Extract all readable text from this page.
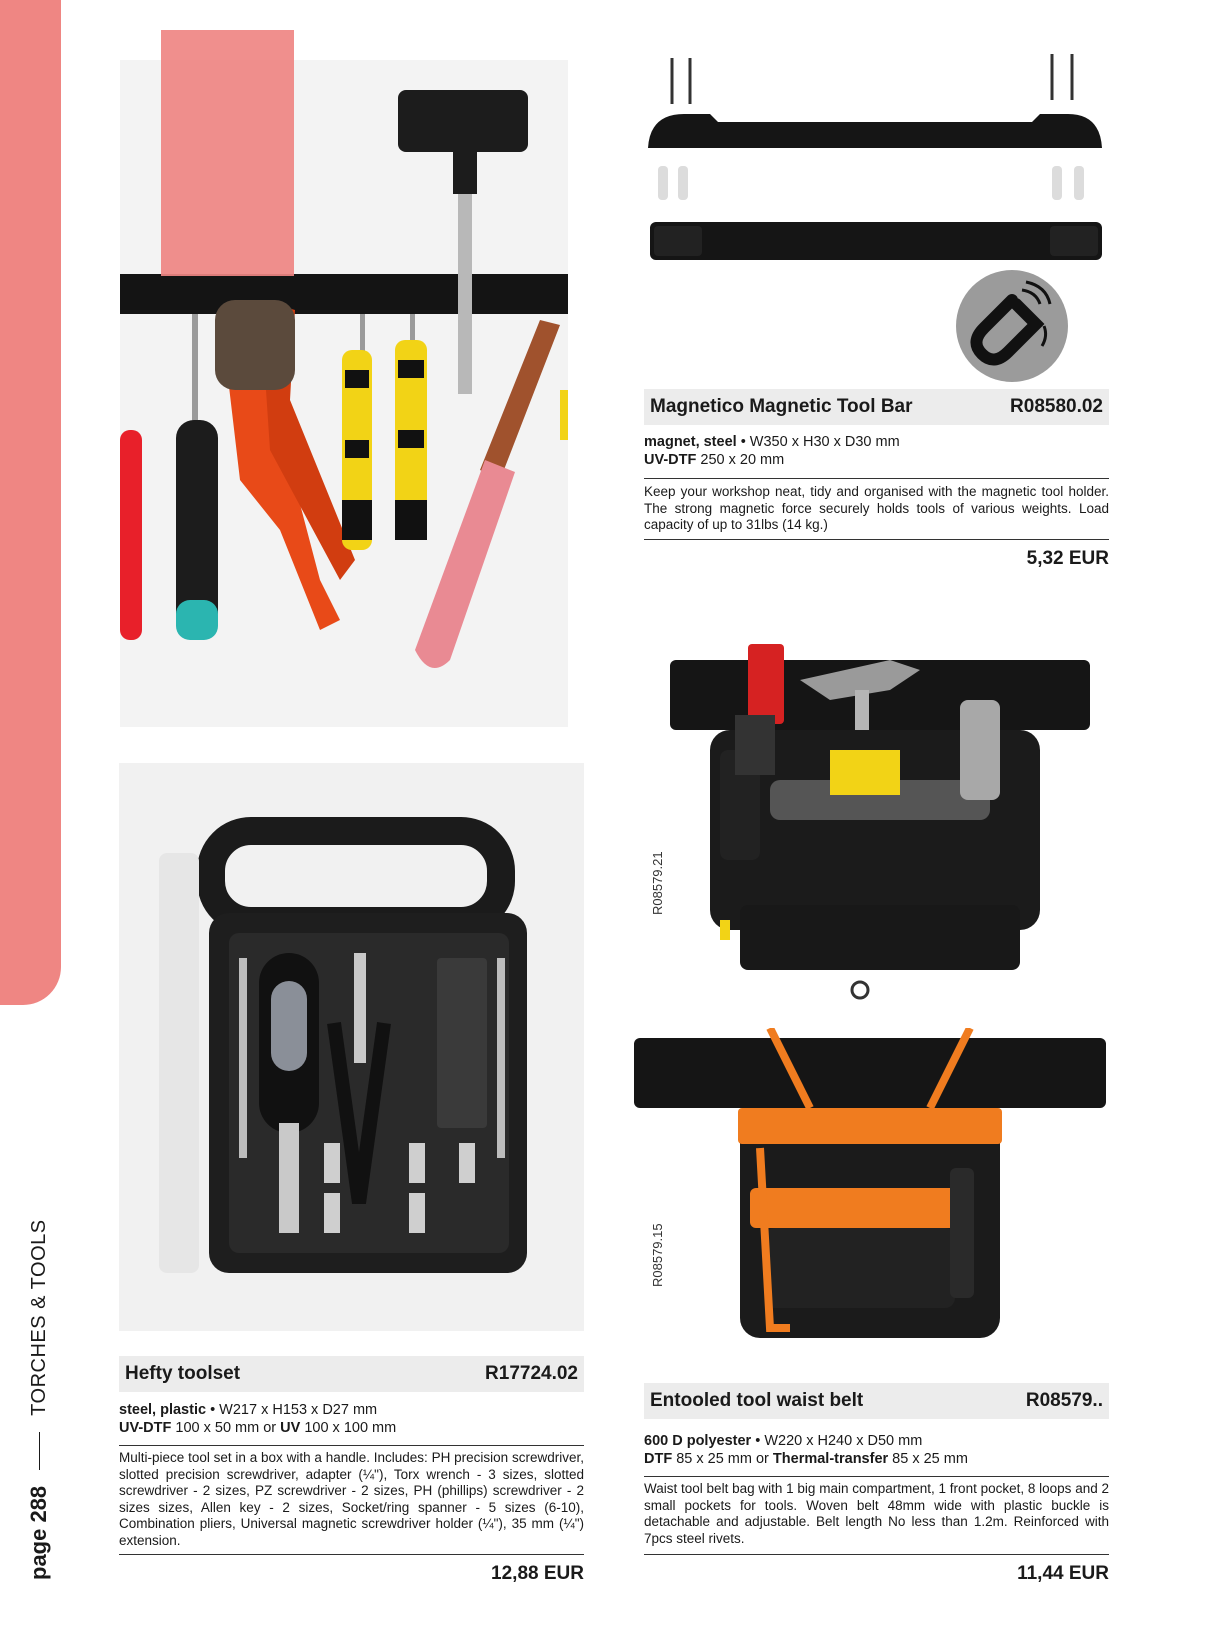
page 288
TORCHES & TOOLS
Magnetico Magnetic Tool Bar	R08580.02
magnet, steel • W350 x H30 x D30 mm
UV-DTF 250 x 20 mm
Keep your workshop neat, tidy and organised with the magnetic tool holder. The strong magnetic force securely holds tools of various weights. Load capacity of up to 31lbs (14 kg.)
5,32 EUR
Hefty toolset	R17724.02
steel, plastic • W217 x H153 x D27 mm
UV-DTF 100 x 50 mm or UV 100 x 100 mm
Multi-piece tool set in a box with a handle. Includes: PH precision screwdriver, slotted precision screwdriver, adapter (¼"), Torx wrench - 3 sizes, slotted screwdriver - 2 sizes, PZ screwdriver - 2 sizes, PH (phillips) screwdriver - 2 sizes sizes, Allen key - 2 sizes, Socket/ring spanner - 5 sizes (6-10), Combination pliers, Universal magnetic screwdriver holder (¼"), 35 mm (¼") extension.
12,88 EUR
R08579.21
R08579.15
Entooled tool waist belt	R08579..
600 D polyester • W220 x H240 x D50 mm
DTF 85 x 25 mm or Thermal-transfer 85 x 25 mm
Waist tool belt bag with 1 big main compartment, 1 front pocket, 8 loops and 2 small pockets for tools. Woven belt 48mm wide with plastic buckle is detachable and adjustable. Belt length No less than 1.2m. Reinforced with 7pcs steel rivets.
11,44 EUR
